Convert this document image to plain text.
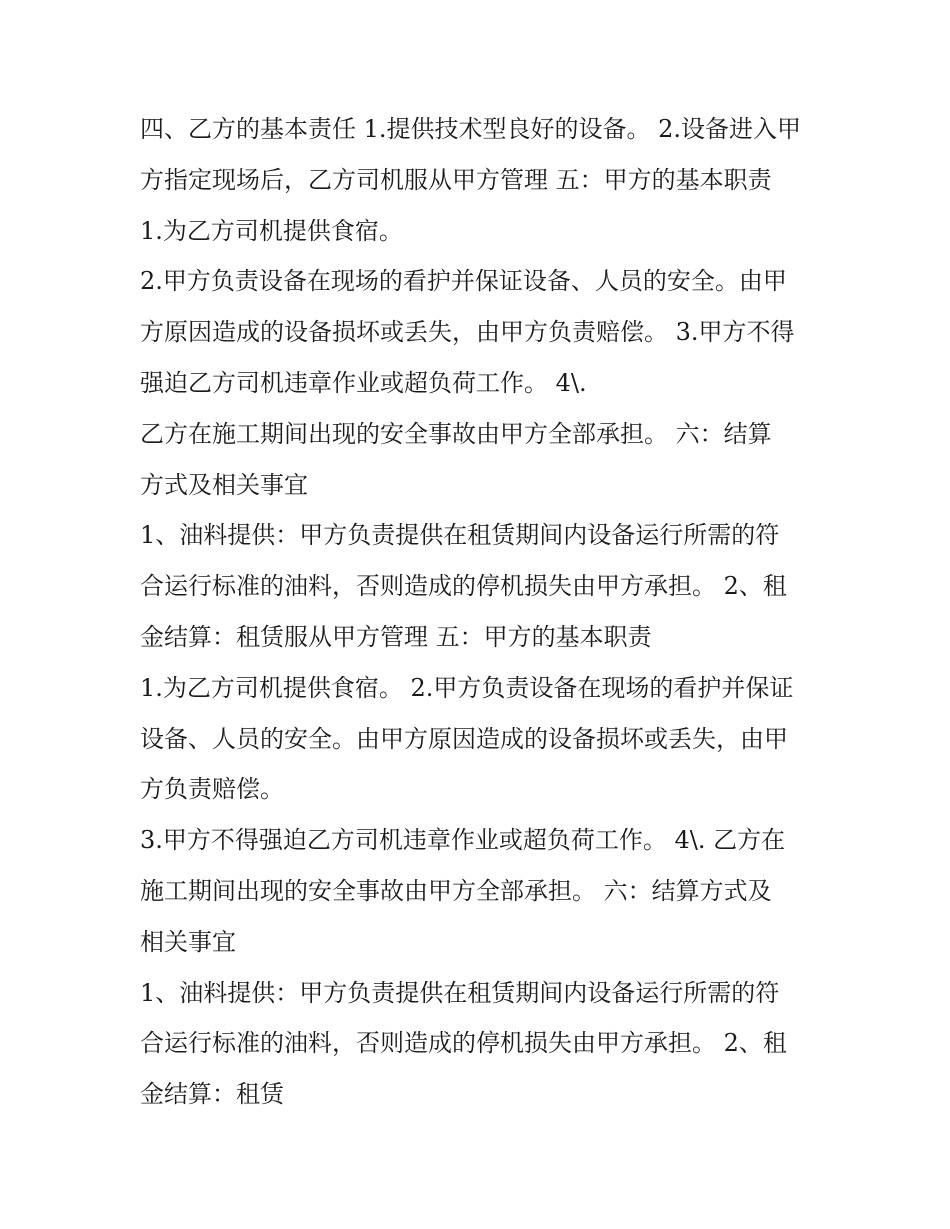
四、乙方的基本责任 1.提供技术型良好的设备。 2.设备进入甲
方指定现场后，乙方司机服从甲方管理 五：甲方的基本职责
1.为乙方司机提供食宿。
2.甲方负责设备在现场的看护并保证设备、人员的安全。由甲
方原因造成的设备损坏或丢失，由甲方负责赔偿。 3.甲方不得
强迫乙方司机违章作业或超负荷工作。 4\.
乙方在施工期间出现的安全事故由甲方全部承担。 六：结算
方式及相关事宜
1、油料提供：甲方负责提供在租赁期间内设备运行所需的符
合运行标准的油料，否则造成的停机损失由甲方承担。 2、租
金结算：租赁服从甲方管理 五：甲方的基本职责
1.为乙方司机提供食宿。 2.甲方负责设备在现场的看护并保证
设备、人员的安全。由甲方原因造成的设备损坏或丢失，由甲
方负责赔偿。
3.甲方不得强迫乙方司机违章作业或超负荷工作。 4\. 乙方在
施工期间出现的安全事故由甲方全部承担。 六：结算方式及
相关事宜
1、油料提供：甲方负责提供在租赁期间内设备运行所需的符
合运行标准的油料，否则造成的停机损失由甲方承担。 2、租
金结算：租赁
